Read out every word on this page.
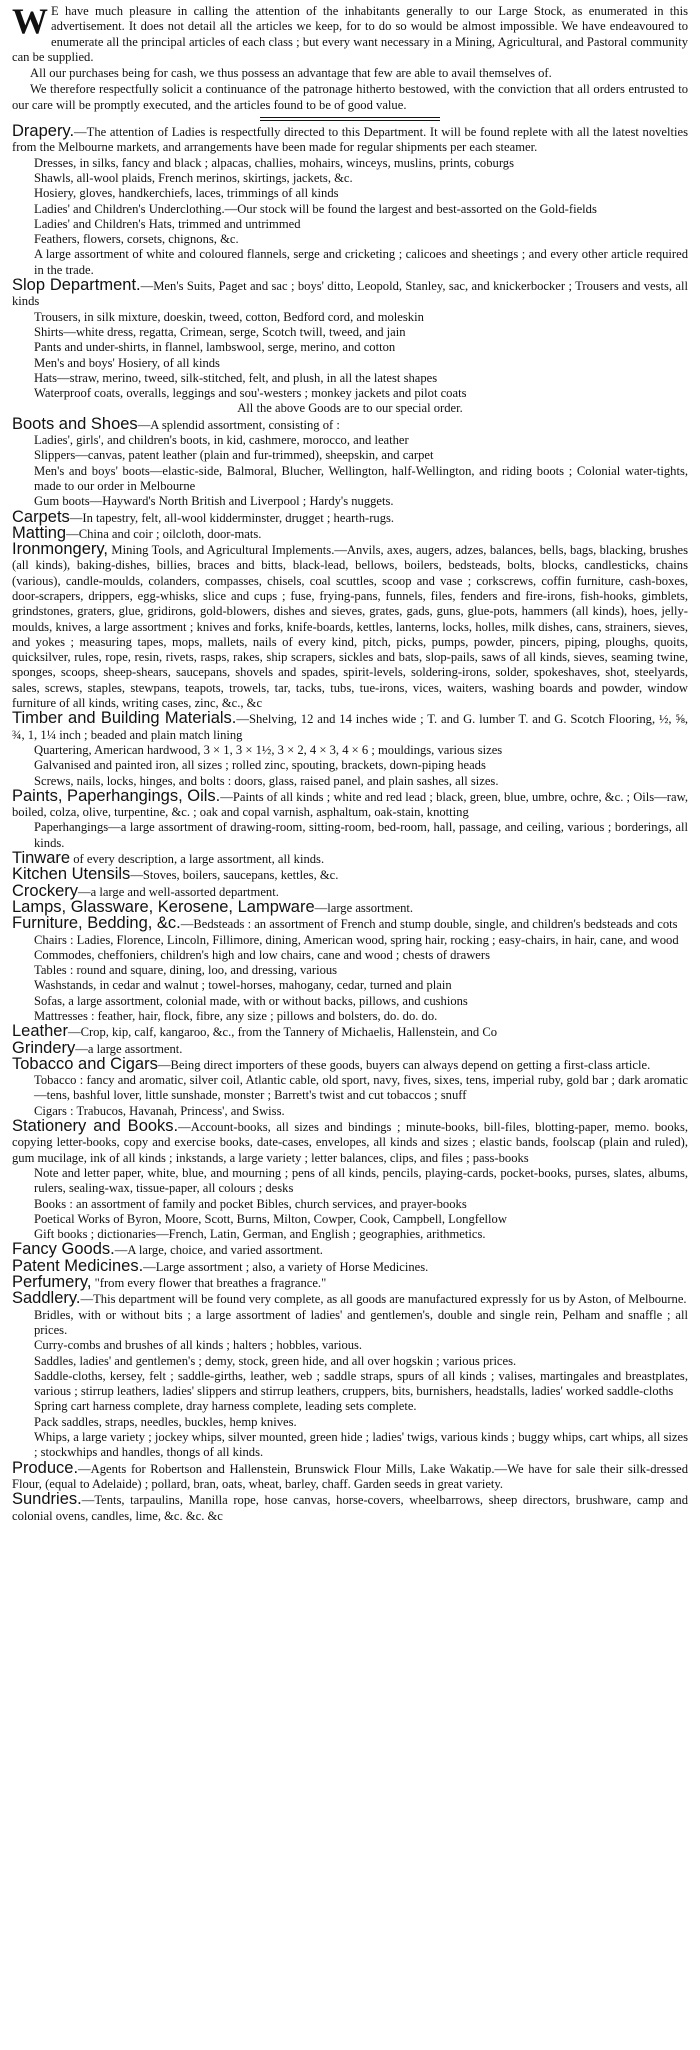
W E have much pleasure in calling the attention of the inhabitants generally to our Large Stock, as enumerated in this advertisement. It does not detail all the articles we keep, for to do so would be almost impossible. We have endeavoured to enumerate all the principal articles of each class ; but every want necessary in a Mining, Agricultural, and Pastoral community can be supplied.

All our purchases being for cash, we thus possess an advantage that few are able to avail themselves of.

We therefore respectfully solicit a continuance of the patronage hitherto bestowed, with the conviction that all orders entrusted to our care will be promptly executed, and the articles found to be of good value.

Drapery.—The attention of Ladies is respectfully directed to this Department. It will be found replete with all the latest novelties from the Melbourne markets, and arrangements have been made for regular shipments per each steamer.
Dresses, in silks, fancy and black ; alpacas, challies, mohairs, winceys, muslins, prints, coburgs
Shawls, all-wool plaids, French merinos, skirtings, jackets, &c.
Hosiery, gloves, handkerchiefs, laces, trimmings of all kinds
Ladies' and Children's Underclothing.—Our stock will be found the largest and best-assorted on the Gold-fields
Ladies' and Children's Hats, trimmed and untrimmed
Feathers, flowers, corsets, chignons, &c.
A large assortment of white and coloured flannels, serge and cricketing ; calicoes and sheetings ; and every other article required in the trade.
Slop Department.—Men's Suits, Paget and sac ; boys' ditto, Leopold, Stanley, sac, and knickerbocker ; Trousers and vests, all kinds
Trousers, in silk mixture, doeskin, tweed, cotton, Bedford cord, and moleskin
Shirts—white dress, regatta, Crimean, serge, Scotch twill, tweed, and jain
Pants and under-shirts, in flannel, lambswool, serge, merino, and cotton
Men's and boys' Hosiery, of all kinds
Hats—straw, merino, tweed, silk-stitched, felt, and plush, in all the latest shapes
Waterproof coats, overalls, leggings and sou'-westers ; monkey jackets and pilot coats
All the above Goods are to our special order.
Boots and Shoes—A splendid assortment, consisting of :
Ladies', girls', and children's boots, in kid, cashmere, morocco, and leather
Slippers—canvas, patent leather (plain and fur-trimmed), sheepskin, and carpet
Men's and boys' boots—elastic-side, Balmoral, Blucher, Wellington, half-Wellington, and riding boots ; Colonial water-tights, made to our order in Melbourne
Gum boots—Hayward's North British and Liverpool ; Hardy's nuggets.
Carpets—In tapestry, felt, all-wool kidderminster, drugget ; hearth-rugs.
Matting—China and coir ; oilcloth, door-mats.
Ironmongery, Mining Tools, and Agricultural Implements.—Anvils, axes, augers, adzes, balances, bells, bags, blacking, brushes (all kinds), baking-dishes, billies, braces and bitts, black-lead, bellows, boilers, bedsteads, bolts, blocks, candlesticks, chains (various), candle-moulds, colanders, compasses, chisels, coal scuttles, scoop and vase ; corkscrews, coffin furniture, cash-boxes, door-scrapers, drippers, egg-whisks, slice and cups ; fuse, frying-pans, funnels, files, fenders and fire-irons, fish-hooks, gimblets, grindstones, graters, glue, gridirons, gold-blowers, dishes and sieves, grates, gads, guns, glue-pots, hammers (all kinds), hoes, jelly-moulds, knives, a large assortment ; knives and forks, knife-boards, kettles, lanterns, locks, holles, milk dishes, cans, strainers, sieves, and yokes ; measuring tapes, mops, mallets, nails of every kind, pitch, picks, pumps, powder, pincers, piping, ploughs, quoits, quicksilver, rules, rope, resin, rivets, rasps, rakes, ship scrapers, sickles and bats, slop-pails, saws of all kinds, sieves, seaming twine, sponges, scoops, sheep-shears, saucepans, shovels and spades, spirit-levels, soldering-irons, solder, spokeshaves, shot, steelyards, sales, screws, staples, stewpans, teapots, trowels, tar, tacks, tubs, tue-irons, vices, waiters, washing boards and powder, window furniture of all kinds, writing cases, zinc, &c., &c
Timber and Building Materials.—Shelving, 12 and 14 inches wide ; T. and G. lumber T. and G. Scotch Flooring, ½, ⅝, ¾, 1, 1¼ inch ; beaded and plain match lining
Quartering, American hardwood, 3 × 1, 3 × 1½, 3 × 2, 4 × 3, 4 × 6 ; mouldings, various sizes
Galvanised and painted iron, all sizes ; rolled zinc, spouting, brackets, down-piping heads
Screws, nails, locks, hinges, and bolts : doors, glass, raised panel, and plain sashes, all sizes.
Paints, Paperhangings, Oils.—Paints of all kinds ; white and red lead ; black, green, blue, umbre, ochre, &c. ; Oils—raw, boiled, colza, olive, turpentine, &c. ; oak and copal varnish, asphaltum, oak-stain, knotting
Paperhangings—a large assortment of drawing-room, sitting-room, bed-room, hall, passage, and ceiling, various ; borderings, all kinds.
Tinware of every description, a large assortment, all kinds.
Kitchen Utensils—Stoves, boilers, saucepans, kettles, &c.
Crockery—a large and well-assorted department.
Lamps, Glassware, Kerosene, Lampware—large assortment.
Furniture, Bedding, &c.—Bedsteads : an assortment of French and stump double, single, and children's bedsteads and cots
Chairs : Ladies, Florence, Lincoln, Fillimore, dining, American wood, spring hair, rocking ; easy-chairs, in hair, cane, and wood
Commodes, cheffoniers, children's high and low chairs, cane and wood ; chests of drawers
Tables : round and square, dining, loo, and dressing, various
Washstands, in cedar and walnut ; towel-horses, mahogany, cedar, turned and plain
Sofas, a large assortment, colonial made, with or without backs, pillows, and cushions
Mattresses : feather, hair, flock, fibre, any size ; pillows and bolsters, do. do. do.
Leather—Crop, kip, calf, kangaroo, &c., from the Tannery of Michaelis, Hallenstein, and Co
Grindery—a large assortment.
Tobacco and Cigars—Being direct importers of these goods, buyers can always depend on getting a first-class article.
Tobacco : fancy and aromatic, silver coil, Atlantic cable, old sport, navy, fives, sixes, tens, imperial ruby, gold bar ; dark aromatic—tens, bashful lover, little sunshade, monster ; Barrett's twist and cut tobaccos ; snuff
Cigars : Trabucos, Havanah, Princess', and Swiss.
Stationery and Books.—Account-books, all sizes and bindings ; minute-books, bill-files, blotting-paper, memo. books, copying letter-books, copy and exercise books, date-cases, envelopes, all kinds and sizes ; elastic bands, foolscap (plain and ruled), gum mucilage, ink of all kinds ; inkstands, a large variety ; letter balances, clips, and files ; pass-books
Note and letter paper, white, blue, and mourning ; pens of all kinds, pencils, playing-cards, pocket-books, purses, slates, albums, rulers, sealing-wax, tissue-paper, all colours ; desks
Books : an assortment of family and pocket Bibles, church services, and prayer-books
Poetical Works of Byron, Moore, Scott, Burns, Milton, Cowper, Cook, Campbell, Longfellow
Gift books ; dictionaries—French, Latin, German, and English ; geographies, arithmetics.
Fancy Goods.—A large, choice, and varied assortment.
Patent Medicines.—Large assortment ; also, a variety of Horse Medicines.
Perfumery, "from every flower that breathes a fragrance."
Saddlery.—This department will be found very complete, as all goods are manufactured expressly for us by Aston, of Melbourne.
Bridles, with or without bits ; a large assortment of ladies' and gentlemen's, double and single rein, Pelham and snaffle ; all prices.
Curry-combs and brushes of all kinds ; halters ; hobbles, various.
Saddles, ladies' and gentlemen's ; demy, stock, green hide, and all over hogskin ; various prices.
Saddle-cloths, kersey, felt ; saddle-girths, leather, web ; saddle straps, spurs of all kinds ; valises, martingales and breastplates, various ; stirrup leathers, ladies' slippers and stirrup leathers, cruppers, bits, burnishers, headstalls, ladies' worked saddle-cloths
Spring cart harness complete, dray harness complete, leading sets complete.
Pack saddles, straps, needles, buckles, hemp knives.
Whips, a large variety ; jockey whips, silver mounted, green hide ; ladies' twigs, various kinds ; buggy whips, cart whips, all sizes ; stockwhips and handles, thongs of all kinds.
Produce.—Agents for Robertson and Hallenstein, Brunswick Flour Mills, Lake Wakatip.—We have for sale their silk-dressed Flour, (equal to Adelaide) ; pollard, bran, oats, wheat, barley, chaff. Garden seeds in great variety.
Sundries.—Tents, tarpaulins, Manilla rope, hose canvas, horse-covers, wheelbarrows, sheep directors, brushware, camp and colonial ovens, candles, lime, &c. &c. &c
